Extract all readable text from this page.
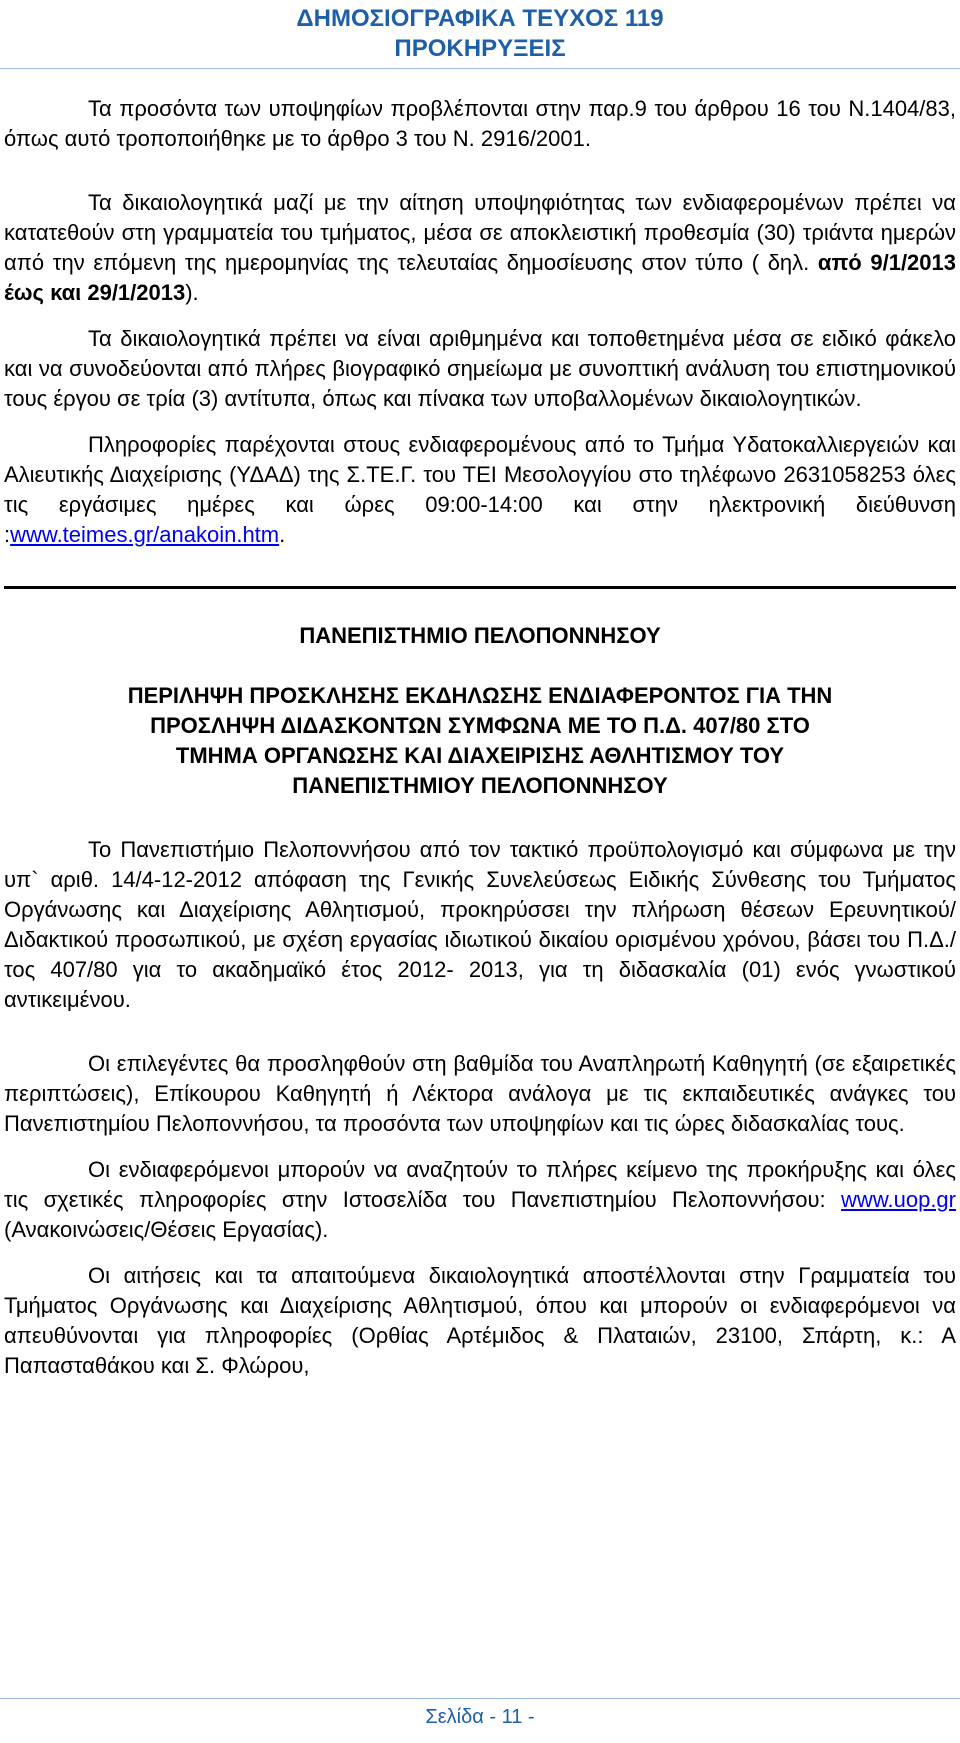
ΔΗΜΟΣΙΟΓΡΑΦΙΚΑ ΤΕΥΧΟΣ 119
ΠΡΟΚΗΡΥΞΕΙΣ

Τα προσόντα των υποψηφίων προβλέπονται στην παρ.9 του άρθρου 16 του Ν.1404/83, όπως αυτό τροποποιήθηκε με το άρθρο 3 του Ν. 2916/2001.

Τα δικαιολογητικά μαζί με την αίτηση υποψηφιότητας των ενδιαφερομένων πρέπει να κατατεθούν στη γραμματεία του τμήματος, μέσα σε αποκλειστική προθεσμία (30) τριάντα ημερών από την επόμενη της ημερομηνίας της τελευταίας δημοσίευσης στον τύπο ( δηλ. από 9/1/2013 έως και 29/1/2013).

Τα δικαιολογητικά πρέπει να είναι αριθμημένα και τοποθετημένα μέσα σε ειδικό φάκελο και να συνοδεύονται από πλήρες βιογραφικό σημείωμα με συνοπτική ανάλυση του επιστημονικού τους έργου σε τρία (3) αντίτυπα, όπως και πίνακα των υποβαλλομένων δικαιολογητικών.

Πληροφορίες παρέχονται στους ενδιαφερομένους από το Τμήμα Υδατοκαλλιεργειών και Αλιευτικής Διαχείρισης (ΥΔΑΔ) της Σ.ΤΕ.Γ. του ΤΕΙ Μεσολογγίου στο τηλέφωνο 2631058253 όλες τις εργάσιμες ημέρες και ώρες 09:00-14:00 και στην ηλεκτρονική διεύθυνση :www.teimes.gr/anakoin.htm.

ΠΑΝΕΠΙΣΤΗΜΙΟ ΠΕΛΟΠΟΝΝΗΣΟΥ

ΠΕΡΙΛΗΨΗ ΠΡΟΣΚΛΗΣΗΣ ΕΚΔΗΛΩΣΗΣ ΕΝΔΙΑΦΕΡΟΝΤΟΣ ΓΙΑ ΤΗΝ

ΠΡΟΣΛΗΨΗ ΔΙΔΑΣΚΟΝΤΩΝ ΣΥΜΦΩΝΑ ΜΕ ΤΟ Π.Δ. 407/80 ΣΤΟ

ΤΜΗΜΑ ΟΡΓΑΝΩΣΗΣ ΚΑΙ ΔΙΑΧΕΙΡΙΣΗΣ ΑΘΛΗΤΙΣΜΟΥ ΤΟΥ

ΠΑΝΕΠΙΣΤΗΜΙΟΥ ΠΕΛΟΠΟΝΝΗΣΟΥ

Το Πανεπιστήμιο Πελοποννήσου από τον τακτικό προϋπολογισμό και σύμφωνα με την υπ` αριθ. 14/4-12-2012 απόφαση της Γενικής Συνελεύσεως Ειδικής Σύνθεσης του Τμήματος Οργάνωσης και Διαχείρισης Αθλητισμού, προκηρύσσει την πλήρωση θέσεων Ερευνητικού/Διδακτικού προσωπικού, με σχέση εργασίας ιδιωτικού δικαίου ορισμένου χρόνου, βάσει του Π.Δ./τος 407/80 για το ακαδημαϊκό έτος 2012- 2013, για τη διδασκαλία (01) ενός γνωστικού αντικειμένου.

Οι επιλεγέντες θα προσληφθούν στη βαθμίδα του Αναπληρωτή Καθηγητή (σε εξαιρετικές περιπτώσεις), Επίκουρου Καθηγητή ή Λέκτορα ανάλογα με τις εκπαιδευτικές ανάγκες του Πανεπιστημίου Πελοποννήσου, τα προσόντα των υποψηφίων και τις ώρες διδασκαλίας τους.

Οι ενδιαφερόμενοι μπορούν να αναζητούν το πλήρες κείμενο της προκήρυξης και όλες τις σχετικές πληροφορίες στην Ιστοσελίδα του Πανεπιστημίου Πελοποννήσου: www.uop.gr (Ανακοινώσεις/Θέσεις Εργασίας).

Οι αιτήσεις και τα απαιτούμενα δικαιολογητικά αποστέλλονται στην Γραμματεία του Τμήματος Οργάνωσης και Διαχείρισης Αθλητισμού, όπου και μπορούν οι ενδιαφερόμενοι να απευθύνονται για πληροφορίες (Ορθίας Αρτέμιδος & Πλαταιών, 23100, Σπάρτη, κ.: Α Παπασταθάκου και Σ. Φλώρου,

Σελίδα - 11 -
